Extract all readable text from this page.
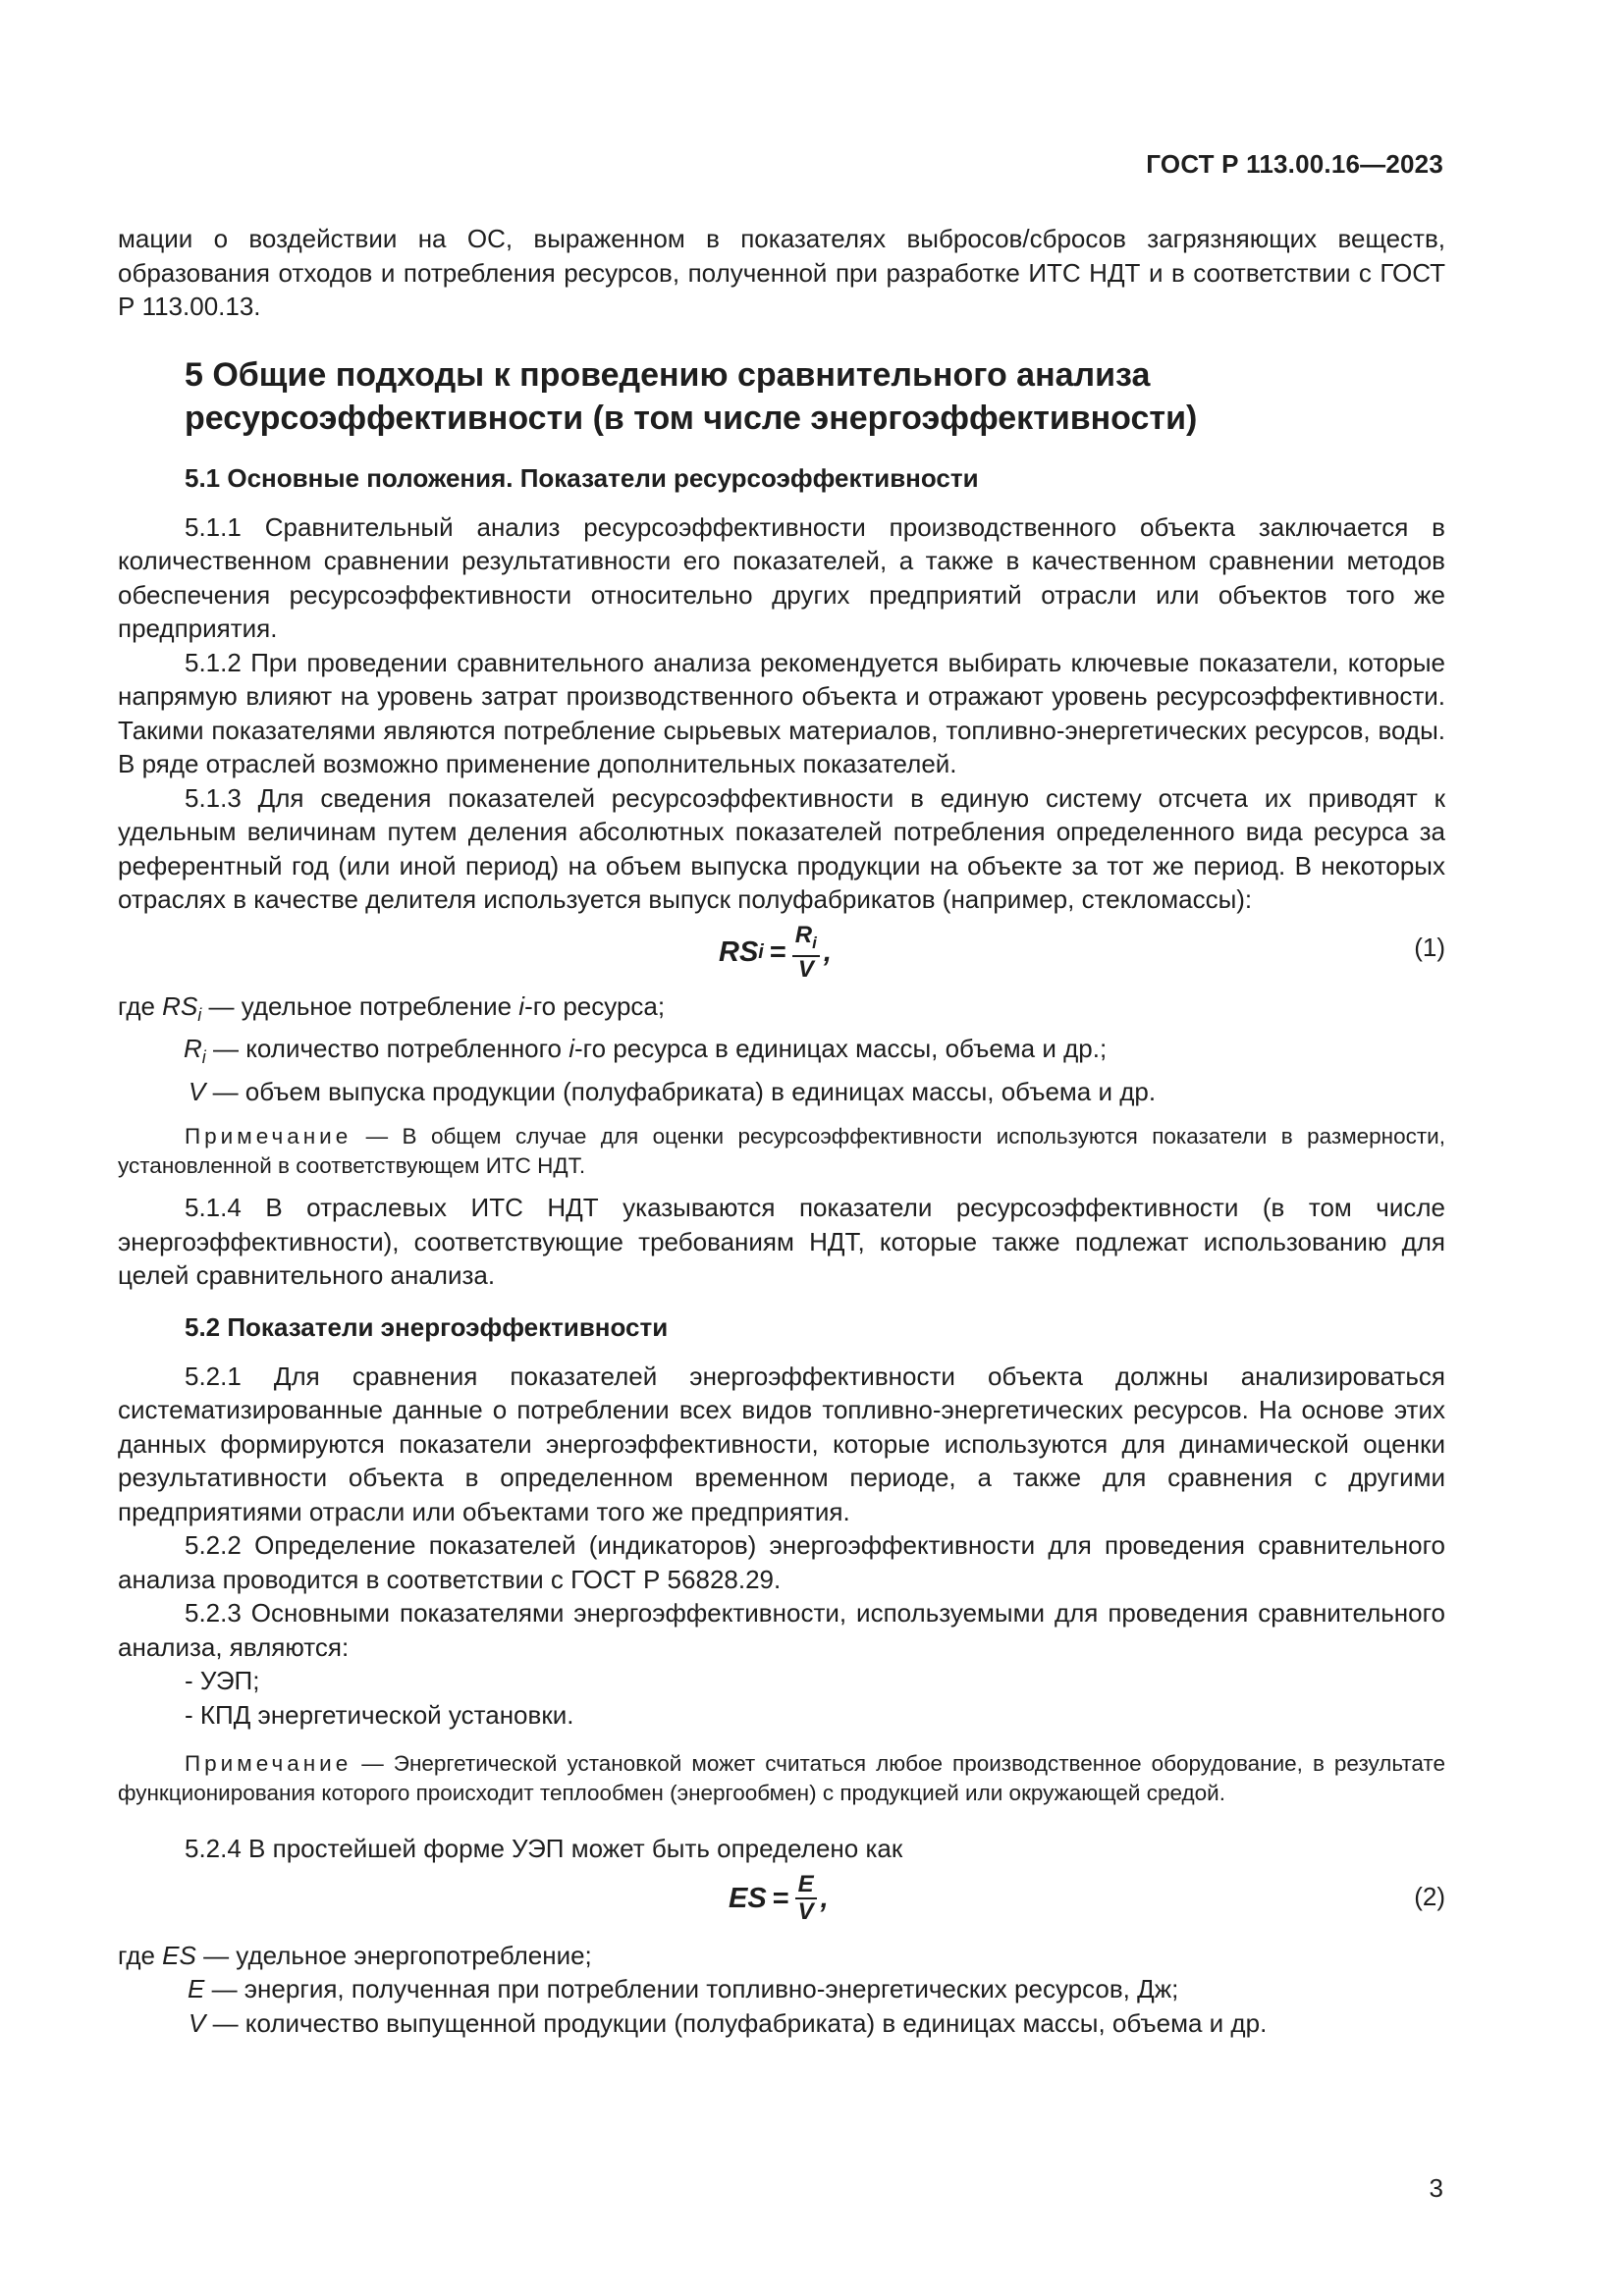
ГОСТ Р 113.00.16—2023

мации о воздействии на ОС, выраженном в показателях выбросов/сбросов загрязняющих веществ, образования отходов и потребления ресурсов, полученной при разработке ИТС НДТ и в соответствии с ГОСТ Р 113.00.13.

5 Общие подходы к проведению сравнительного анализа ресурсоэффективности (в том числе энергоэффективности)
5.1 Основные положения. Показатели ресурсоэффективности

5.1.1 Сравнительный анализ ресурсоэффективности производственного объекта заключается в количественном сравнении результативности его показателей, а также в качественном сравнении методов обеспечения ресурсоэффективности относительно других предприятий отрасли или объектов того же предприятия.

5.1.2 При проведении сравнительного анализа рекомендуется выбирать ключевые показатели, которые напрямую влияют на уровень затрат производственного объекта и отражают уровень ресурсоэффективности. Такими показателями являются потребление сырьевых материалов, топливно-энергетических ресурсов, воды. В ряде отраслей возможно применение дополнительных показателей.

5.1.3 Для сведения показателей ресурсоэффективности в единую систему отсчета их приводят к удельным величинам путем деления абсолютных показателей потребления определенного вида ресурса за референтный год (или иной период) на объем выпуска продукции на объекте за тот же период. В некоторых отраслях в качестве делителя используется выпуск полуфабрикатов (например, стекломассы):

RS $i = \frac{R_i}{V}$ ,	(1)
где $RS_i$ — удельное потребление i-го ресурса;
$R_i$ — количество потребленного i-го ресурса в единицах массы, объема и др.;
V — объем выпуска продукции (полуфабриката) в единицах массы, объема и др.

Примечание — В общем случае для оценки ресурсоэффективности используются показатели в размерности, установленной в соответствующем ИТС НДТ.

5.1.4 В отраслевых ИТС НДТ указываются показатели ресурсоэффективности (в том числе энергоэффективности), соответствующие требованиям НДТ, которые также подлежат использованию для целей сравнительного анализа.

5.2 Показатели энергоэффективности

5.2.1 Для сравнения показателей энергоэффективности объекта должны анализироваться систематизированные данные о потреблении всех видов топливно-энергетических ресурсов. На основе этих данных формируются показатели энергоэффективности, которые используются для динамической оценки результативности объекта в определенном временном периоде, а также для сравнения с другими предприятиями отрасли или объектами того же предприятия.

5.2.2 Определение показателей (индикаторов) энергоэффективности для проведения сравнительного анализа проводится в соответствии с ГОСТ Р 56828.29.

5.2.3 Основными показателями энергоэффективности, используемыми для проведения сравнительного анализа, являются:

- УЭП;
- КПД энергетической установки.

Примечание — Энергетической установкой может считаться любое производственное оборудование, в результате функционирования которого происходит теплообмен (энергообмен) с продукцией или окружающей средой.

5.2.4 В простейшей форме УЭП может быть определено как

ES = $\frac{E}{V}$ ,	(2)
где ES — удельное энергопотребление;
E — энергия, полученная при потреблении топливно-энергетических ресурсов, Дж;
V — количество выпущенной продукции (полуфабриката) в единицах массы, объема и др.
3
